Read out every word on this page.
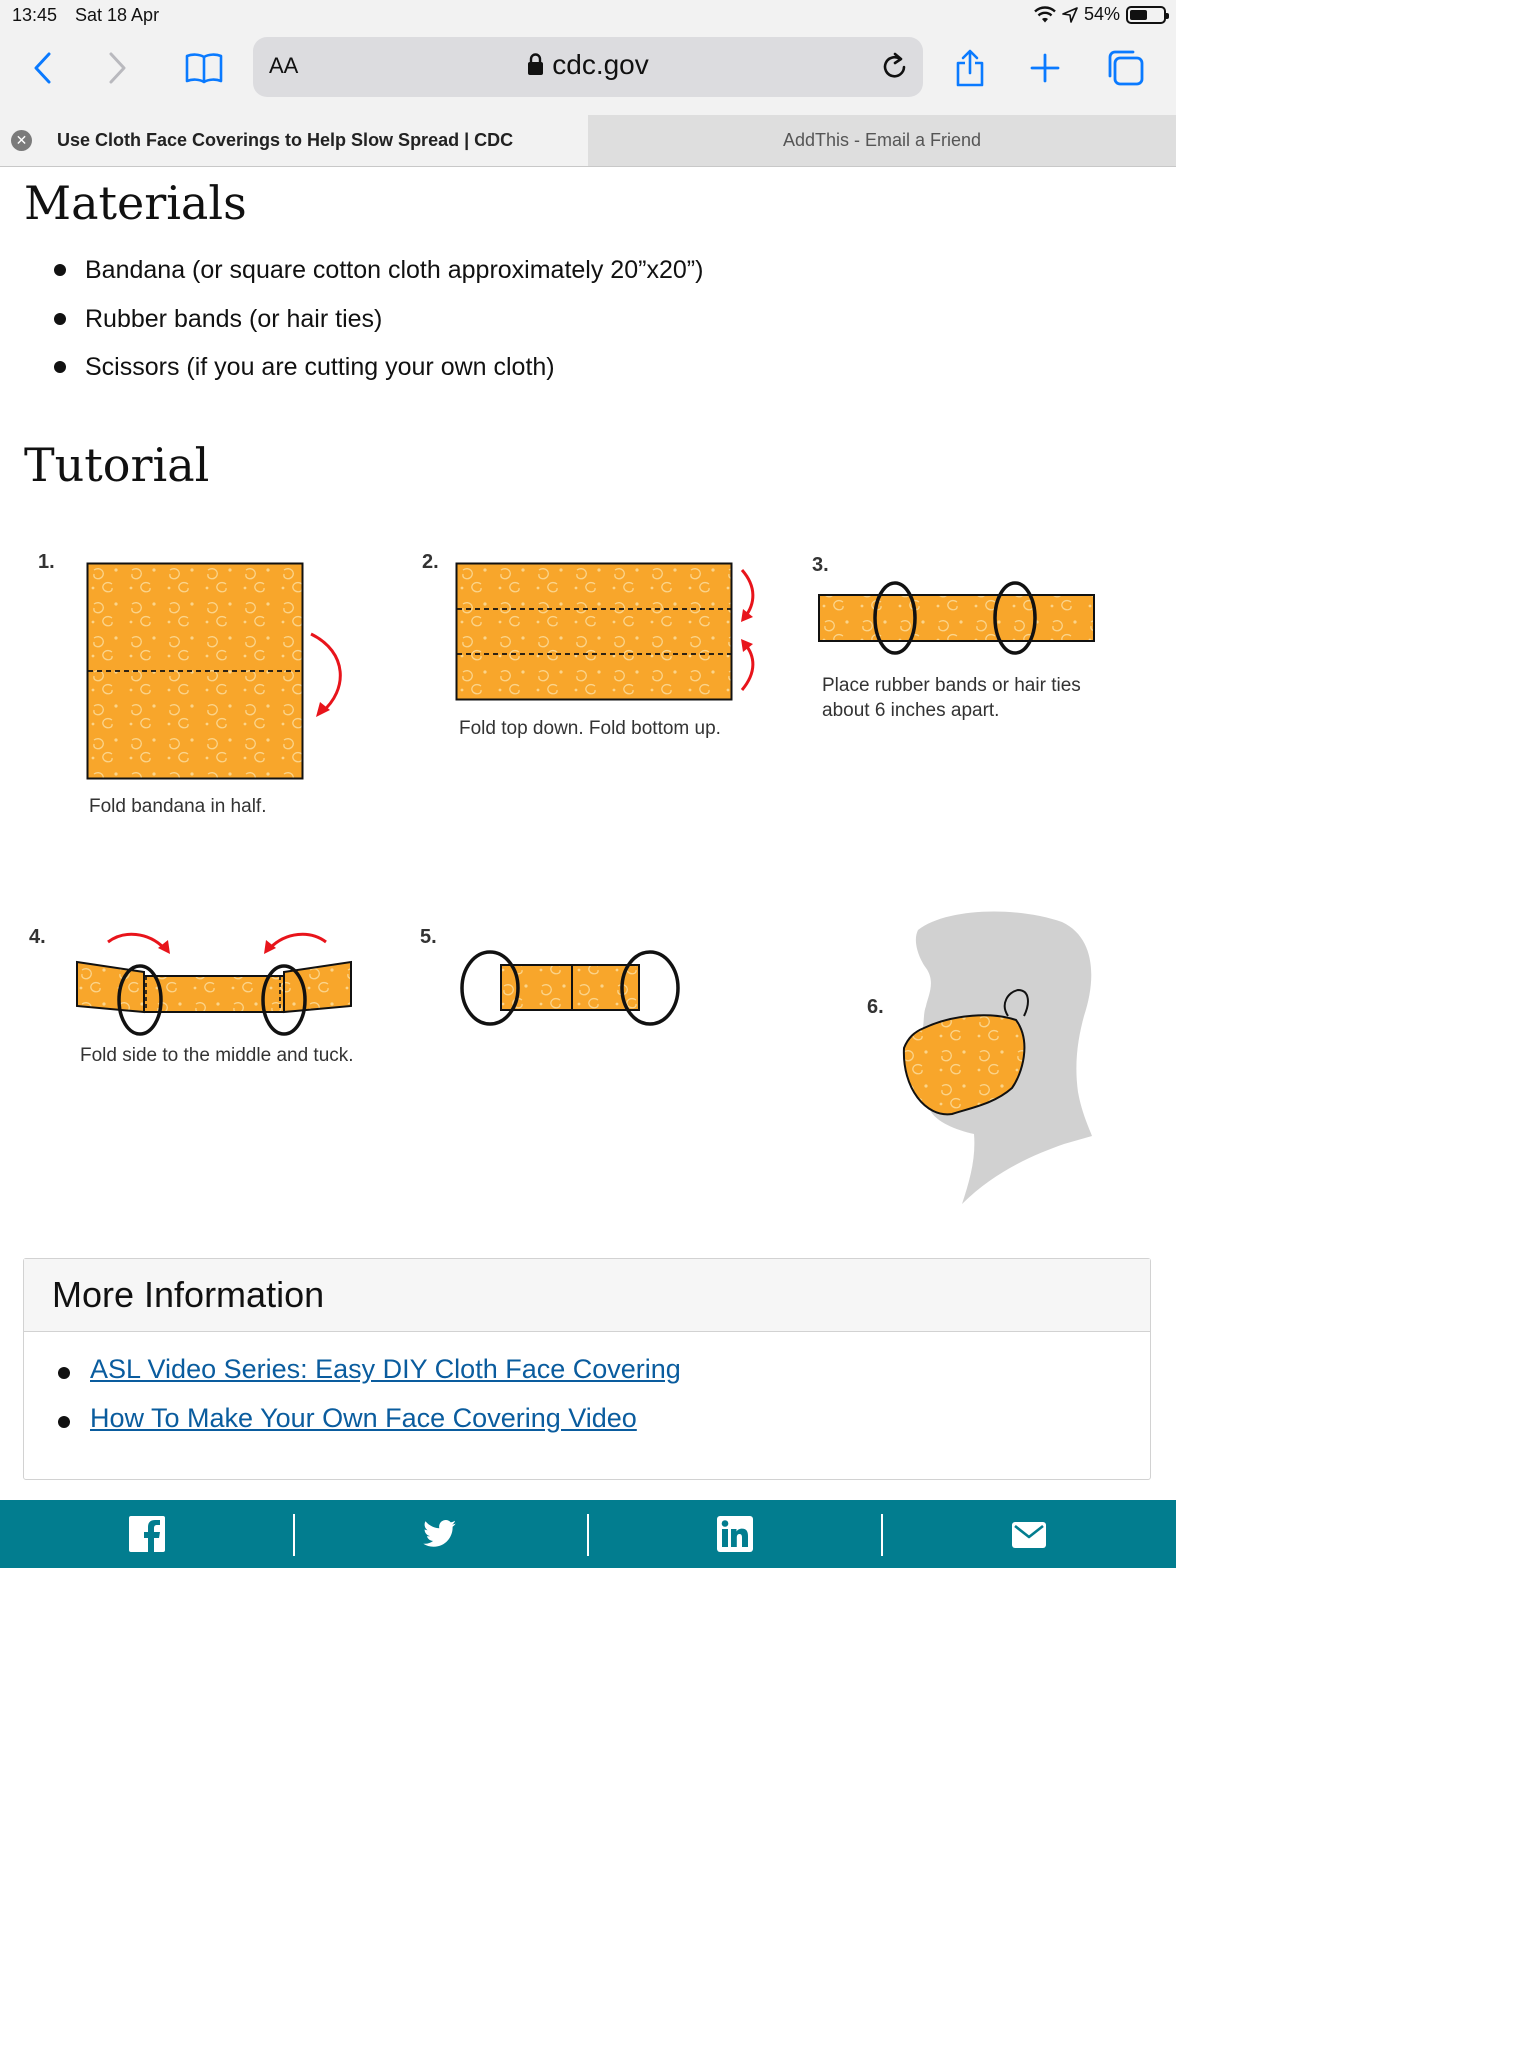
13:45 Sat 18 Apr	54%
AA	cdc.gov
✕ Use Cloth Face Coverings to Help Slow Spread | CDC	AddThis - Email a Friend
Materials
Bandana (or square cotton cloth approximately 20”x20”)
Rubber bands (or hair ties)
Scissors (if you are cutting your own cloth)
Tutorial
1.
Fold bandana in half.
2.
Fold top down. Fold bottom up.
3.
Place rubber bands or hair ties
about 6 inches apart.
4.
Fold side to the middle and tuck.
5.
6.
More Information
ASL Video Series: Easy DIY Cloth Face Covering
How To Make Your Own Face Covering Video
